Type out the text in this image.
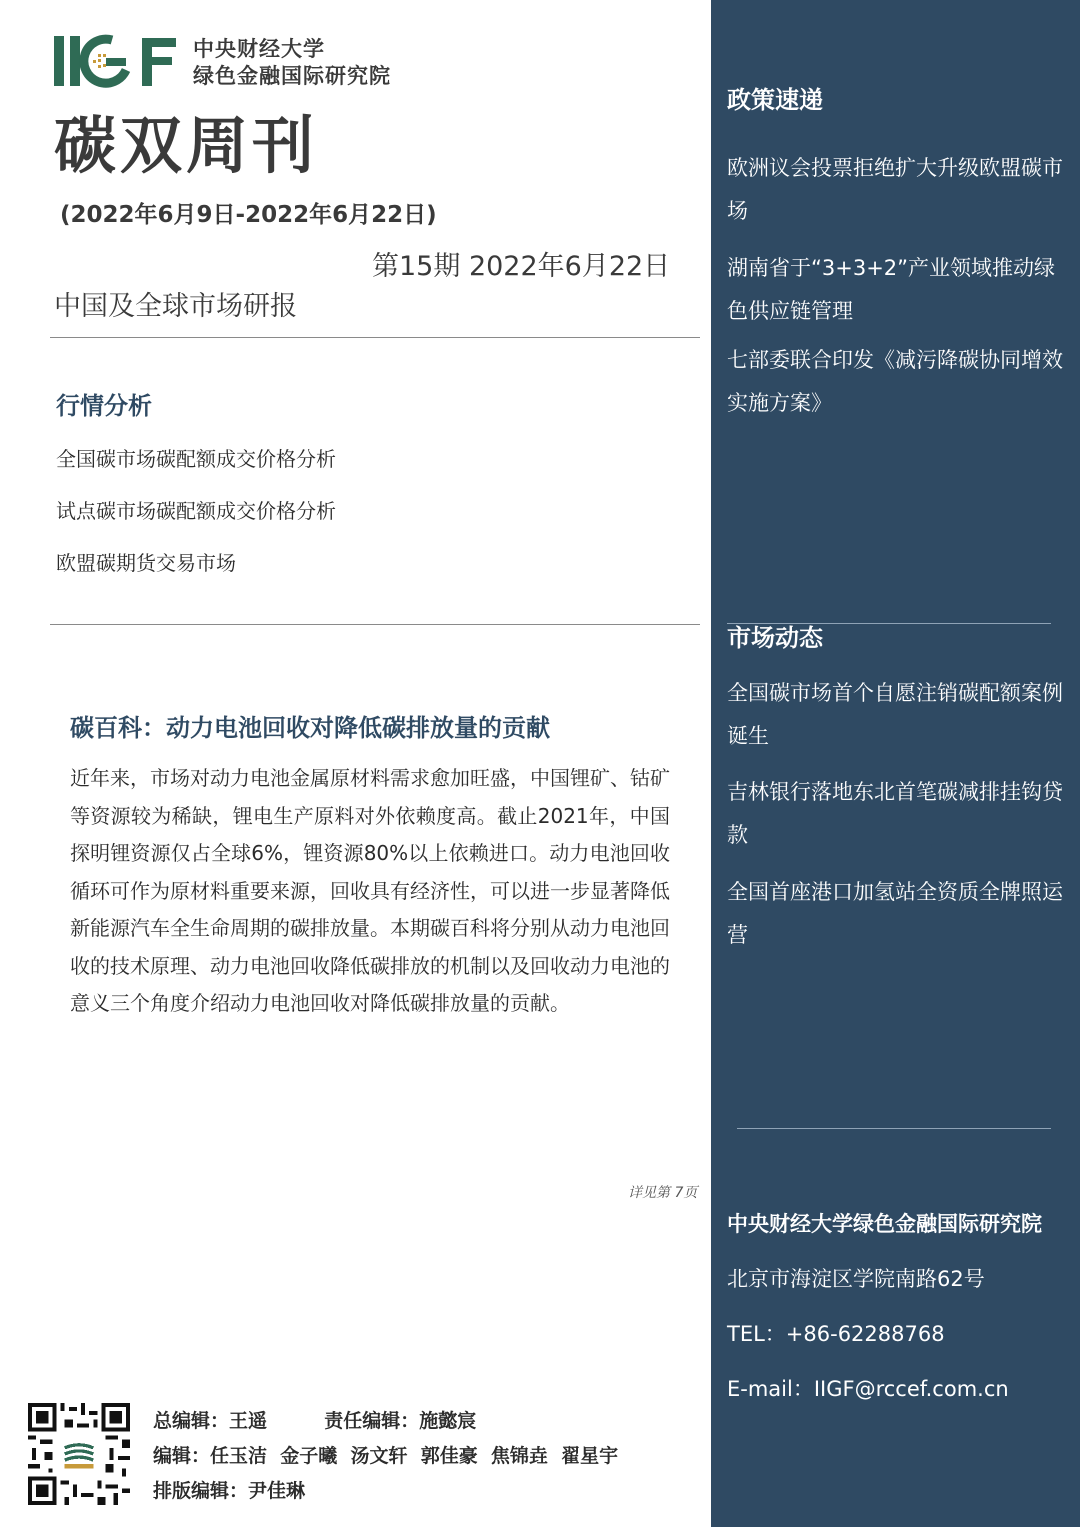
中央财经大学
绿色金融国际研究院
碳双周刊
(2022年6月9日-2022年6月22日)
第15期 2022年6月22日
中国及全球市场研报
行情分析
全国碳市场碳配额成交价格分析
试点碳市场碳配额成交价格分析
欧盟碳期货交易市场
碳百科：动力电池回收对降低碳排放量的贡献
近年来，市场对动力电池金属原材料需求愈加旺盛，中国锂矿、钴矿等资源较为稀缺，锂电生产原料对外依赖度高。截止2021年，中国探明锂资源仅占全球6%，锂资源80%以上依赖进口。动力电池回收循环可作为原材料重要来源，回收具有经济性，可以进一步显著降低新能源汽车全生命周期的碳排放量。本期碳百科将分别从动力电池回收的技术原理、动力电池回收降低碳排放的机制以及回收动力电池的意义三个角度介绍动力电池回收对降低碳排放量的贡献。
详见第 7页
政策速递
欧洲议会投票拒绝扩大升级欧盟碳市场
湖南省于“3+3+2”产业领域推动绿色供应链管理
七部委联合印发《减污降碳协同增效实施方案》
市场动态
全国碳市场首个自愿注销碳配额案例诞生
吉林银行落地东北首笔碳减排挂钩贷款
全国首座港口加氢站全资质全牌照运营
中央财经大学绿色金融国际研究院
北京市海淀区学院南路62号
TEL：+86-62288768
E-mail：IIGF@rccef.com.cn
总编辑：王遥	责任编辑：施懿宸
编辑：任玉洁  金子曦  汤文轩  郭佳豪  焦锦垚  翟星宇
排版编辑：尹佳琳
